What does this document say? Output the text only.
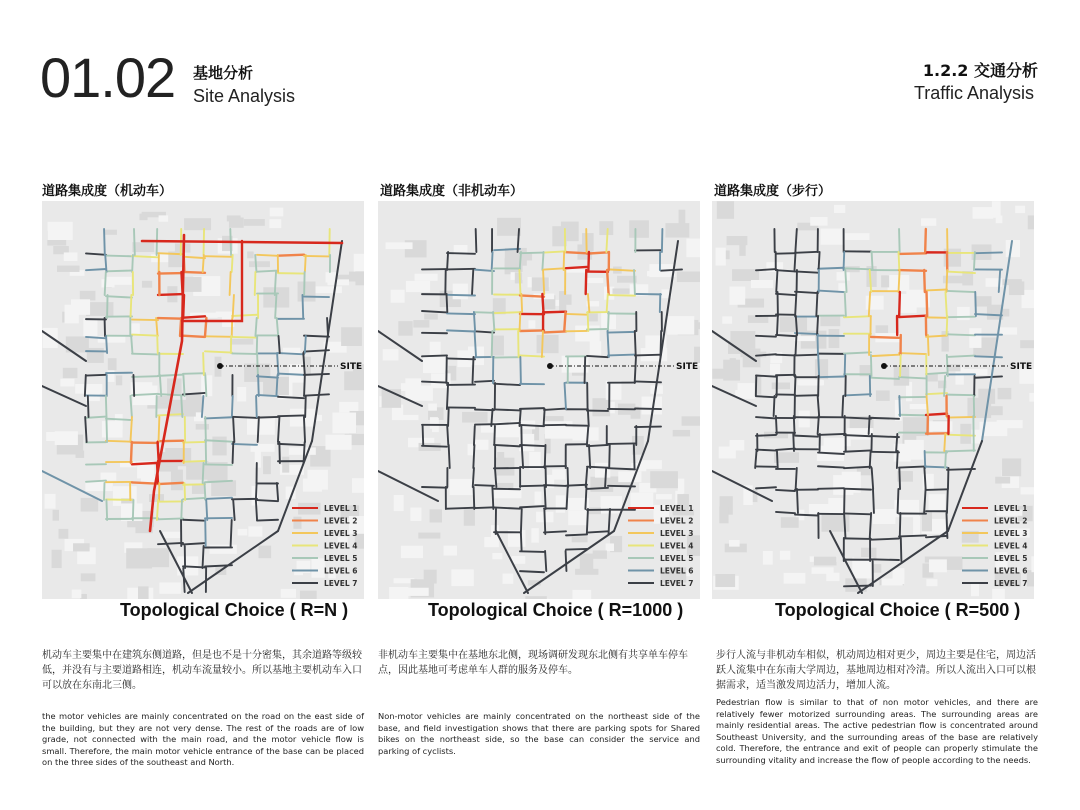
01.02 基地分析
Site Analysis
1.2.2 交通分析
Traffic Analysis
道路集成度（机动车）
SITE
LEVEL 1
LEVEL 2
LEVEL 3
LEVEL 4
LEVEL 5
LEVEL 6
LEVEL 7
Topological Choice ( R=N )
机动车主要集中在建筑东侧道路，但是也不是十分密集，其余道路等级较低，并没有与主要道路相连，机动车流量较小。所以基地主要机动车入口可以放在东南北三侧。
the motor vehicles are mainly concentrated on the road on the east side of the building, but they are not very dense. The rest of the roads are of low grade, not connected with the main road, and the motor vehicle flow is small. Therefore, the main motor vehicle entrance of the base can be placed on the three sides of the southeast and North.
道路集成度（非机动车）
SITE
LEVEL 1
LEVEL 2
LEVEL 3
LEVEL 4
LEVEL 5
LEVEL 6
LEVEL 7
Topological Choice ( R=1000 )
非机动车主要集中在基地东北侧，现场调研发现东北侧有共享单车停车点，因此基地可考虑单车人群的服务及停车。
Non-motor vehicles are mainly concentrated on the northeast side of the base, and field investigation shows that there are parking spots for Shared bikes on the northeast side, so the base can consider the service and parking of cyclists.
道路集成度（步行）
SITE
LEVEL 1
LEVEL 2
LEVEL 3
LEVEL 4
LEVEL 5
LEVEL 6
LEVEL 7
Topological Choice ( R=500 )
步行人流与非机动车相似，机动周边相对更少，周边主要是住宅，周边活跃人流集中在东南大学周边，基地周边相对冷清。所以人流出入口可以根据需求，适当激发周边活力，增加人流。
Pedestrian flow is similar to that of non motor vehicles, and there are relatively fewer motorized surrounding areas. The surrounding areas are mainly residential areas. The active pedestrian flow is concentrated around Southeast University, and the surrounding areas of the base are relatively cold. Therefore, the entrance and exit of people can properly stimulate the surrounding vitality and increase the flow of people according to the needs.
